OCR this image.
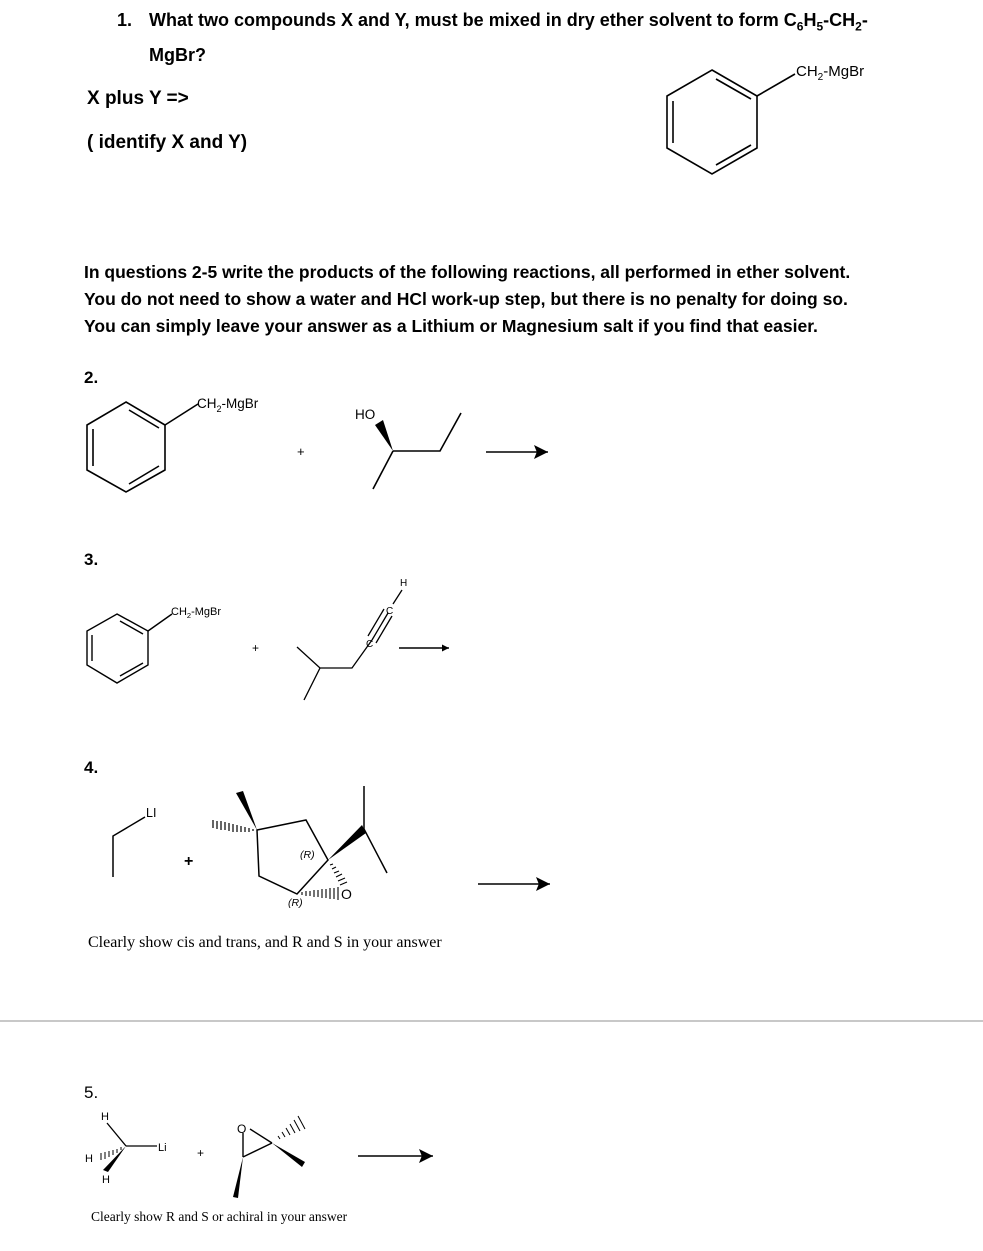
1. What two compounds X and Y, must be mixed in dry ether solvent to form $C_6H_5-CH_2-$
MgBr?
X plus Y =>
( identify X and Y)
In questions 2-5 write the products of the following reactions, all performed in ether solvent.
You do not need to show a water and HCl work-up step, but there is no penalty for doing so.
You can simply leave your answer as a Lithium or Magnesium salt if you find that easier.
2.
3.
4.
5.
Clearly show cis and trans, and R and S in your answer
Clearly show R and S or achiral in your answer
$CH_2$-MgBr
$CH_2$-MgBr
+
HO
$CH_2$-MgBr
+	C
C
H
LI
+
O
(R)
(R)
H
H
H
Li	+
O
